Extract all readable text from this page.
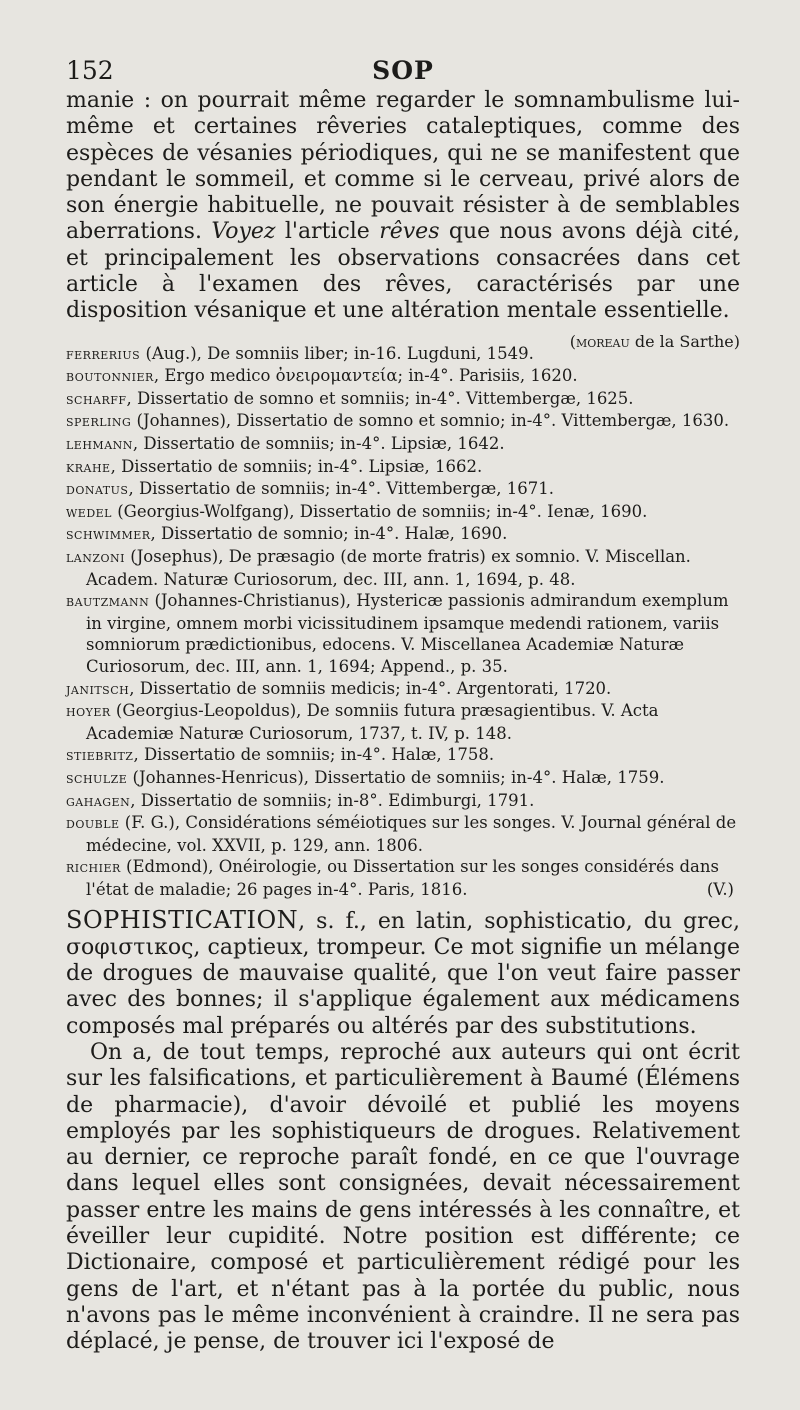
152	SOP

manie : on pourrait même regarder le somnambulisme lui-même et certaines rêveries cataleptiques, comme des espèces de vésanies périodiques, qui ne se manifestent que pendant le sommeil, et comme si le cerveau, privé alors de son énergie habituelle, ne pouvait résister à de semblables aberrations. Voyez l'article rêves que nous avons déjà cité, et principalement les observations consacrées dans cet article à l'examen des rêves, caractérisés par une disposition vésanique et une altération mentale essentielle.
(moreau de la Sarthe)

ferrerius (Aug.), De somniis liber; in-16. Lugduni, 1549.

boutonnier, Ergo medico ὀνειρομαντεία; in-4°. Parisiis, 1620.

scharff, Dissertatio de somno et somniis; in-4°. Vittembergæ, 1625.

sperling (Johannes), Dissertatio de somno et somnio; in-4°. Vittembergæ, 1630.

lehmann, Dissertatio de somniis; in-4°. Lipsiæ, 1642.

krahe, Dissertatio de somniis; in-4°. Lipsiæ, 1662.

donatus, Dissertatio de somniis; in-4°. Vittembergæ, 1671.

wedel (Georgius-Wolfgang), Dissertatio de somniis; in-4°. Ienæ, 1690.

schwimmer, Dissertatio de somnio; in-4°. Halæ, 1690.

lanzoni (Josephus), De præsagio (de morte fratris) ex somnio. V. Miscellan. Academ. Naturæ Curiosorum, dec. III, ann. 1, 1694, p. 48.

bautzmann (Johannes-Christianus), Hystericæ passionis admirandum exemplum in virgine, omnem morbi vicissitudinem ipsamque medendi rationem, variis somniorum prædictionibus, edocens. V. Miscellanea Academiæ Naturæ Curiosorum, dec. III, ann. 1, 1694; Append., p. 35.

janitsch, Dissertatio de somniis medicis; in-4°. Argentorati, 1720.

hoyer (Georgius-Leopoldus), De somniis futura præsagientibus. V. Acta Academiæ Naturæ Curiosorum, 1737, t. IV, p. 148.

stiebritz, Dissertatio de somniis; in-4°. Halæ, 1758.

schulze (Johannes-Henricus), Dissertatio de somniis; in-4°. Halæ, 1759.

gahagen, Dissertatio de somniis; in-8°. Edimburgi, 1791.

double (F. G.), Considérations séméiotiques sur les songes. V. Journal général de médecine, vol. XXVII, p. 129, ann. 1806.

richier (Edmond), Onéirologie, ou Dissertation sur les songes considérés dans l'état de maladie; 26 pages in-4°. Paris, 1816.	(V.)

SOPHISTICATION, s. f., en latin, sophisticatio, du grec, σοφιστικος, captieux, trompeur. Ce mot signifie un mélange de drogues de mauvaise qualité, que l'on veut faire passer avec des bonnes; il s'applique également aux médicamens composés mal préparés ou altérés par des substitutions.

On a, de tout temps, reproché aux auteurs qui ont écrit sur les falsifications, et particulièrement à Baumé (Élémens de pharmacie), d'avoir dévoilé et publié les moyens employés par les sophistiqueurs de drogues. Relativement au dernier, ce reproche paraît fondé, en ce que l'ouvrage dans lequel elles sont consignées, devait nécessairement passer entre les mains de gens intéressés à les connaître, et éveiller leur cupidité. Notre position est différente; ce Dictionaire, composé et particulièrement rédigé pour les gens de l'art, et n'étant pas à la portée du public, nous n'avons pas le même inconvénient à craindre. Il ne sera pas déplacé, je pense, de trouver ici l'exposé de
